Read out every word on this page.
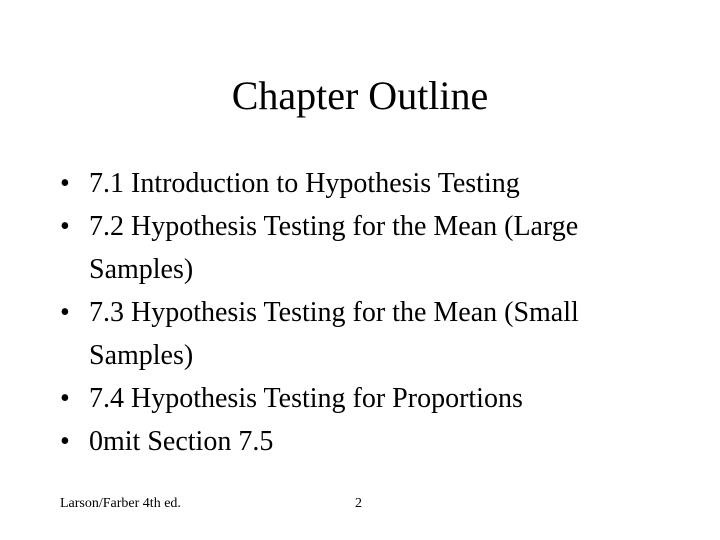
Chapter Outline
• 7.1 Introduction to Hypothesis Testing
• 7.2 Hypothesis Testing for the Mean (Large
Samples)
• 7.3 Hypothesis Testing for the Mean (Small
Samples)
• 7.4 Hypothesis Testing for Proportions
• 0mit Section 7.5
Larson/Farber 4th ed.	2
